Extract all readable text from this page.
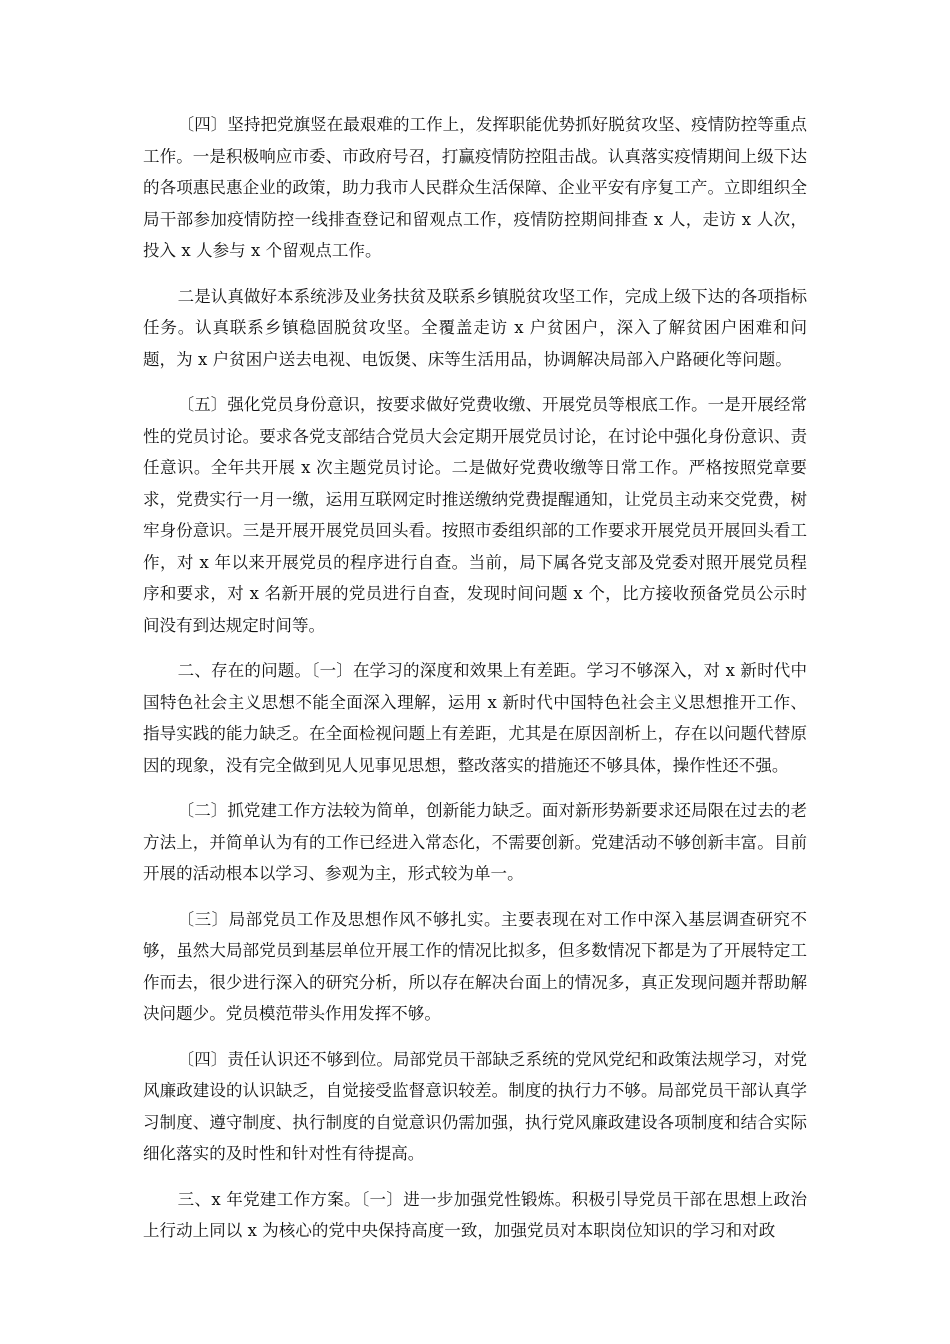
〔四〕坚持把党旗竖在最艰难的工作上，发挥职能优势抓好脱贫攻坚、疫情防控等重点工作。一是积极响应市委、市政府号召，打赢疫情防控阻击战。认真落实疫情期间上级下达的各项惠民惠企业的政策，助力我市人民群众生活保障、企业平安有序复工产。立即组织全局干部参加疫情防控一线排查登记和留观点工作，疫情防控期间排查 x 人，走访 x 人次，投入 x 人参与 x 个留观点工作。

二是认真做好本系统涉及业务扶贫及联系乡镇脱贫攻坚工作，完成上级下达的各项指标任务。认真联系乡镇稳固脱贫攻坚。全覆盖走访 x 户贫困户，深入了解贫困户困难和问题，为 x 户贫困户送去电视、电饭煲、床等生活用品，协调解决局部入户路硬化等问题。

〔五〕强化党员身份意识，按要求做好党费收缴、开展党员等根底工作。一是开展经常性的党员讨论。要求各党支部结合党员大会定期开展党员讨论，在讨论中强化身份意识、责任意识。全年共开展 x 次主题党员讨论。二是做好党费收缴等日常工作。严格按照党章要求，党费实行一月一缴，运用互联网定时推送缴纳党费提醒通知，让党员主动来交党费，树牢身份意识。三是开展开展党员回头看。按照市委组织部的工作要求开展党员开展回头看工作，对 x 年以来开展党员的程序进行自查。当前，局下属各党支部及党委对照开展党员程序和要求，对 x 名新开展的党员进行自查，发现时间问题 x 个，比方接收预备党员公示时间没有到达规定时间等。

二、存在的问题。〔一〕在学习的深度和效果上有差距。学习不够深入，对 x 新时代中国特色社会主义思想不能全面深入理解，运用 x 新时代中国特色社会主义思想推开工作、指导实践的能力缺乏。在全面检视问题上有差距，尤其是在原因剖析上，存在以问题代替原因的现象，没有完全做到见人见事见思想，整改落实的措施还不够具体，操作性还不强。

〔二〕抓党建工作方法较为简单，创新能力缺乏。面对新形势新要求还局限在过去的老方法上，并简单认为有的工作已经进入常态化，不需要创新。党建活动不够创新丰富。目前开展的活动根本以学习、参观为主，形式较为单一。

〔三〕局部党员工作及思想作风不够扎实。主要表现在对工作中深入基层调查研究不够，虽然大局部党员到基层单位开展工作的情况比拟多，但多数情况下都是为了开展特定工作而去，很少进行深入的研究分析，所以存在解决台面上的情况多，真正发现问题并帮助解决问题少。党员模范带头作用发挥不够。

〔四〕责任认识还不够到位。局部党员干部缺乏系统的党风党纪和政策法规学习，对党风廉政建设的认识缺乏，自觉接受监督意识较差。制度的执行力不够。局部党员干部认真学习制度、遵守制度、执行制度的自觉意识仍需加强，执行党风廉政建设各项制度和结合实际细化落实的及时性和针对性有待提高。

三、x 年党建工作方案。〔一〕进一步加强党性锻炼。积极引导党员干部在思想上政治上行动上同以 x 为核心的党中央保持高度一致，加强党员对本职岗位知识的学习和对政
